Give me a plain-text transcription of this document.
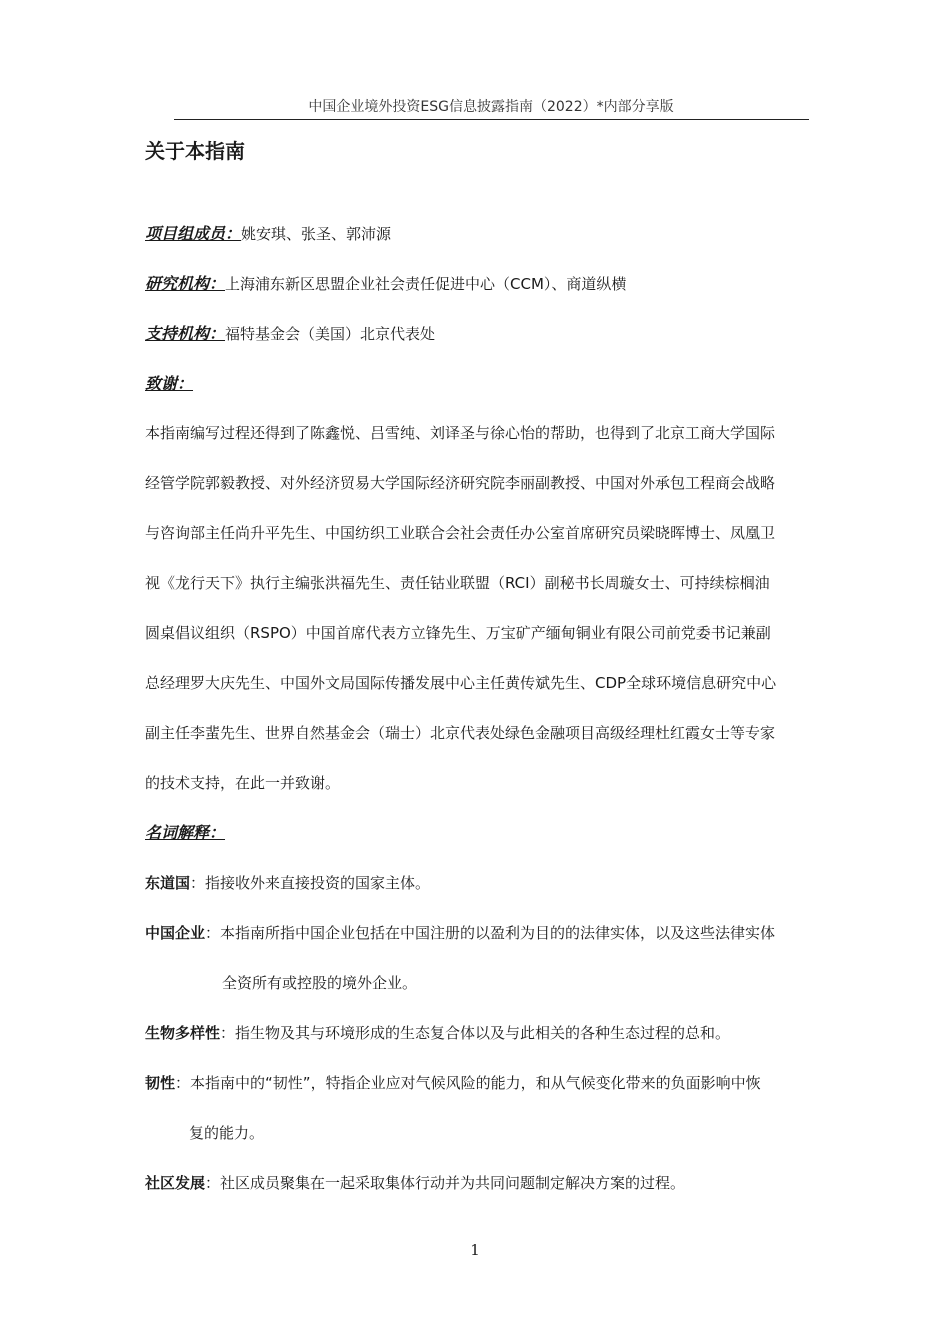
中国企业境外投资ESG信息披露指南（2022）*内部分享版
关于本指南
项目组成员：姚安琪、张圣、郭沛源
研究机构：上海浦东新区思盟企业社会责任促进中心（CCM）、商道纵横
支持机构：福特基金会（美国）北京代表处
致谢：
本指南编写过程还得到了陈鑫悦、吕雪纯、刘译圣与徐心怡的帮助，也得到了北京工商大学国际
经管学院郭毅教授、对外经济贸易大学国际经济研究院李丽副教授、中国对外承包工程商会战略
与咨询部主任尚升平先生、中国纺织工业联合会社会责任办公室首席研究员梁晓晖博士、凤凰卫
视《龙行天下》执行主编张洪福先生、责任钴业联盟（RCI）副秘书长周璇女士、可持续棕榈油
圆桌倡议组织（RSPO）中国首席代表方立锋先生、万宝矿产缅甸铜业有限公司前党委书记兼副
总经理罗大庆先生、中国外文局国际传播发展中心主任黄传斌先生、CDP全球环境信息研究中心
副主任李蜚先生、世界自然基金会（瑞士）北京代表处绿色金融项目高级经理杜红霞女士等专家
的技术支持，在此一并致谢。
名词解释：
东道国：指接收外来直接投资的国家主体。
中国企业：本指南所指中国企业包括在中国注册的以盈利为目的的法律实体，以及这些法律实体
全资所有或控股的境外企业。
生物多样性：指生物及其与环境形成的生态复合体以及与此相关的各种生态过程的总和。
韧性：本指南中的“韧性”，特指企业应对气候风险的能力，和从气候变化带来的负面影响中恢
复的能力。
社区发展：社区成员聚集在一起采取集体行动并为共同问题制定解决方案的过程。
1
